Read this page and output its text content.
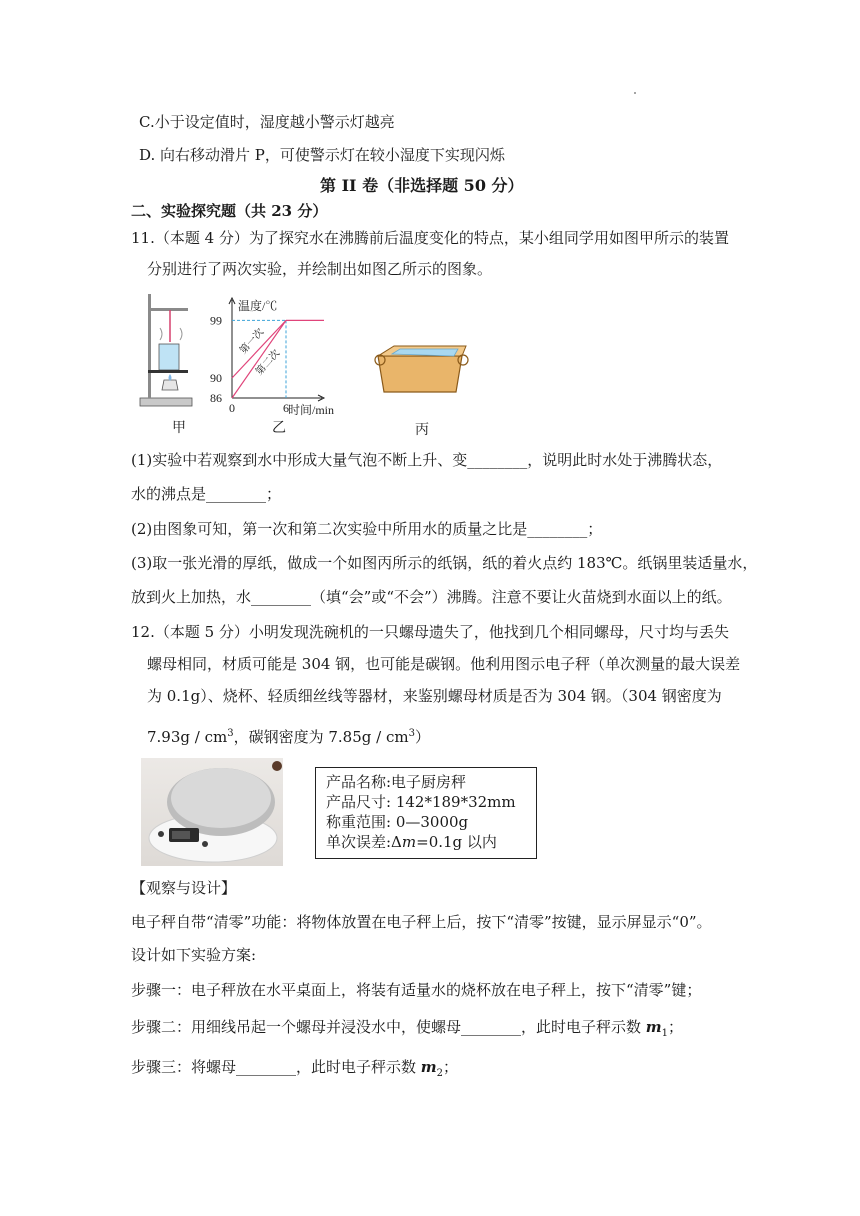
C.小于设定值时，湿度越小警示灯越亮
D. 向右移动滑片 P，可使警示灯在较小湿度下实现闪烁
第 II 卷（非选择题 50 分）
二、实验探究题（共 23 分）
11.（本题 4 分）为了探究水在沸腾前后温度变化的特点，某小组同学用如图甲所示的装置
分别进行了两次实验，并绘制出如图乙所示的图象。
温度/℃
时间/min
99
90
86
0	6
第一次
第二次
甲	乙	丙
(1)实验中若观察到水中形成大量气泡不断上升、变________，说明此时水处于沸腾状态，
水的沸点是________；
(2)由图象可知，第一次和第二次实验中所用水的质量之比是________；
(3)取一张光滑的厚纸，做成一个如图丙所示的纸锅，纸的着火点约 183℃。纸锅里装适量水，
放到火上加热，水________（填“会”或“不会”）沸腾。注意不要让火苗烧到水面以上的纸。
12.（本题 5 分）小明发现洗碗机的一只螺母遗失了，他找到几个相同螺母，尺寸均与丢失
螺母相同，材质可能是 304 钢，也可能是碳钢。他利用图示电子秤（单次测量的最大误差
为 0.1g）、烧杯、轻质细丝线等器材，来鉴别螺母材质是否为 304 钢。（304 钢密度为
$7.93g / cm^3$，碳钢密度为 $7.85g / cm^3$）
产品名称:电子厨房秤
产品尺寸: 142*189*32mm
称重范围: 0—3000g
单次误差:Δm=0.1g 以内
【观察与设计】
电子秤自带“清零”功能：将物体放置在电子秤上后，按下“清零”按键，显示屏显示“0”。
设计如下实验方案:
步骤一：电子秤放在水平桌面上，将装有适量水的烧杯放在电子秤上，按下“清零”键；
步骤二：用细线吊起一个螺母并浸没水中，使螺母________，此时电子秤示数 $m_1$；
步骤三：将螺母________，此时电子秤示数 $m_2$；
